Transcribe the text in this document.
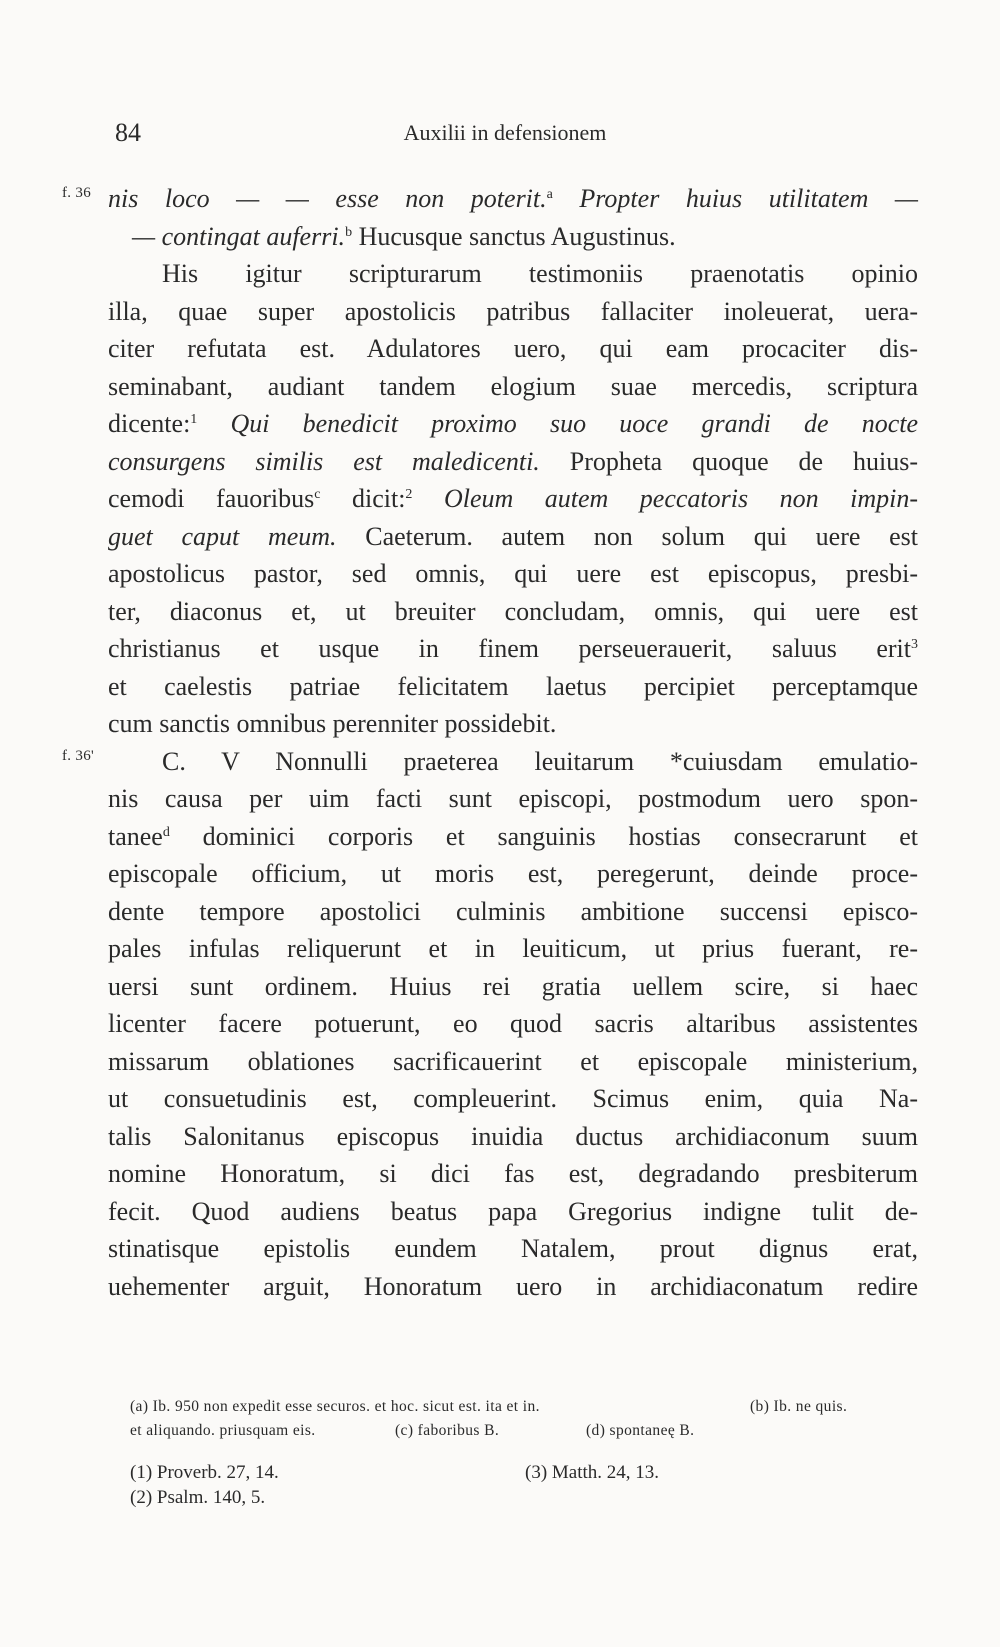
84	Auxilii in defensionem
f. 36
f. 36'
nis loco — — esse non poterit.$^a$ Propter huius utilitatem —
— contingat auferri.$^b$ Hucusque sanctus Augustinus.
His igitur scripturarum testimoniis praenotatis opinio
illa, quae super apostolicis patribus fallaciter inoleuerat, uera-
citer refutata est. Adulatores uero, qui eam procaciter dis-
seminabant, audiant tandem elogium suae mercedis, scriptura
dicente:$^1$ Qui benedicit proximo suo uoce grandi de nocte
consurgens similis est maledicenti. Propheta quoque de huius-
cemodi fauoribus$^c$ dicit:$^2$ Oleum autem peccatoris non impin-
guet caput meum. Caeterum. autem non solum qui uere est
apostolicus pastor, sed omnis, qui uere est episcopus, presbi-
ter, diaconus et, ut breuiter concludam, omnis, qui uere est
christianus et usque in finem perseuerauerit, saluus erit$^3$
et caelestis patriae felicitatem laetus percipiet perceptamque
cum sanctis omnibus perenniter possidebit.
C. V Nonnulli praeterea leuitarum *cuiusdam emulatio-
nis causa per uim facti sunt episcopi, postmodum uero spon-
tanee$^d$ dominici corporis et sanguinis hostias consecrarunt et
episcopale officium, ut moris est, peregerunt, deinde proce-
dente tempore apostolici culminis ambitione succensi episco-
pales infulas reliquerunt et in leuiticum, ut prius fuerant, re-
uersi sunt ordinem. Huius rei gratia uellem scire, si haec
licenter facere potuerunt, eo quod sacris altaribus assistentes
missarum oblationes sacrificauerint et episcopale ministerium,
ut consuetudinis est, compleuerint. Scimus enim, quia Na-
talis Salonitanus episcopus inuidia ductus archidiaconum suum
nomine Honoratum, si dici fas est, degradando presbiterum
fecit. Quod audiens beatus papa Gregorius indigne tulit de-
stinatisque epistolis eundem Natalem, prout dignus erat,
uehementer arguit, Honoratum uero in archidiaconatum redire
(a) Ib. 950 non expedit esse securos. et hoc. sicut est. ita et in.	(b) Ib. ne quis.
et aliquando. priusquam eis.	(c) faboribus B.	(d) spontaneę B.
(1) Proverb. 27, 14.	(3) Matth. 24, 13.
(2) Psalm. 140, 5.
